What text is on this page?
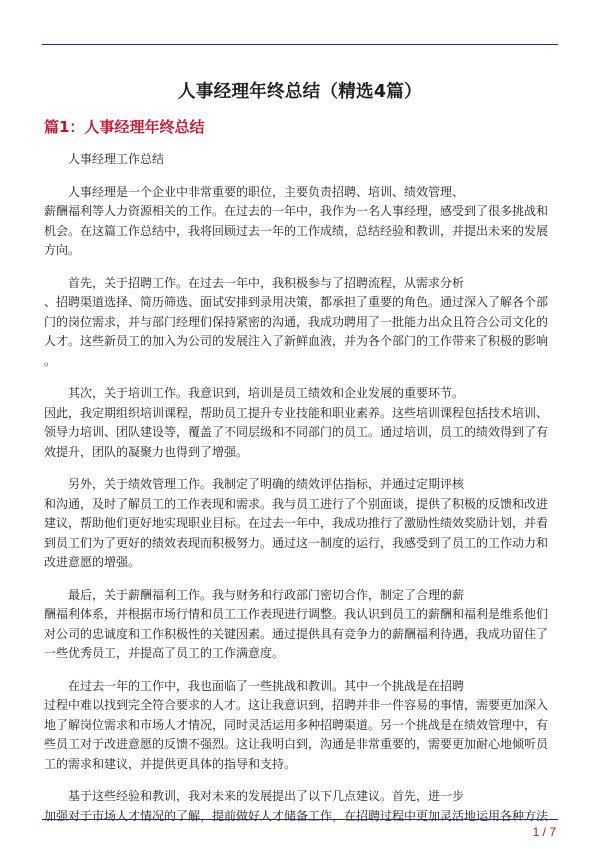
人事经理年终总结（精选4篇）
篇1：人事经理年终总结

人事经理工作总结

人事经理是一个企业中非常重要的职位，主要负责招聘、培训、绩效管理、
薪酬福利等人力资源相关的工作。在过去的一年中，我作为一名人事经理，感受到了很多挑战和
机会。在这篇工作总结中，我将回顾过去一年的工作成绩，总结经验和教训，并提出未来的发展
方向。

首先，关于招聘工作。在过去一年中，我积极参与了招聘流程，从需求分析
、招聘渠道选择、简历筛选、面试安排到录用决策，都承担了重要的角色。通过深入了解各个部
门的岗位需求，并与部门经理们保持紧密的沟通，我成功聘用了一批能力出众且符合公司文化的
人才。这些新员工的加入为公司的发展注入了新鲜血液，并为各个部门的工作带来了积极的影响
。

其次，关于培训工作。我意识到，培训是员工绩效和企业发展的重要环节。
因此，我定期组织培训课程，帮助员工提升专业技能和职业素养。这些培训课程包括技术培训、
领导力培训、团队建设等，覆盖了不同层级和不同部门的员工。通过培训，员工的绩效得到了有
效提升，团队的凝聚力也得到了增强。

另外，关于绩效管理工作。我制定了明确的绩效评估指标，并通过定期评核
和沟通，及时了解员工的工作表现和需求。我与员工进行了个别面谈，提供了积极的反馈和改进
建议，帮助他们更好地实现职业目标。在过去一年中，我成功推行了激励性绩效奖励计划，并看
到员工们为了更好的绩效表现而积极努力。通过这一制度的运行，我感受到了员工的工作动力和
改进意愿的增强。

最后，关于薪酬福利工作。我与财务和行政部门密切合作，制定了合理的薪
酬福利体系，并根据市场行情和员工工作表现进行调整。我认识到员工的薪酬和福利是维系他们
对公司的忠诚度和工作积极性的关键因素。通过提供具有竞争力的薪酬福利待遇，我成功留住了
一些优秀员工，并提高了员工的工作满意度。

在过去一年的工作中，我也面临了一些挑战和教训。其中一个挑战是在招聘
过程中难以找到完全符合要求的人才。这让我意识到，招聘并非一件容易的事情，需要更加深入
地了解岗位需求和市场人才情况，同时灵活运用多种招聘渠道。另一个挑战是在绩效管理中，有
些员工对于改进意愿的反馈不强烈。这让我明白到，沟通是非常重要的，需要更加耐心地倾听员
工的需求和建议，并提供更具体的指导和支持。

基于这些经验和教训，我对未来的发展提出了以下几点建议。首先，进一步
加强对于市场人才情况的了解，提前做好人才储备工作，在招聘过程中更加灵活地运用各种方法

1 / 7
